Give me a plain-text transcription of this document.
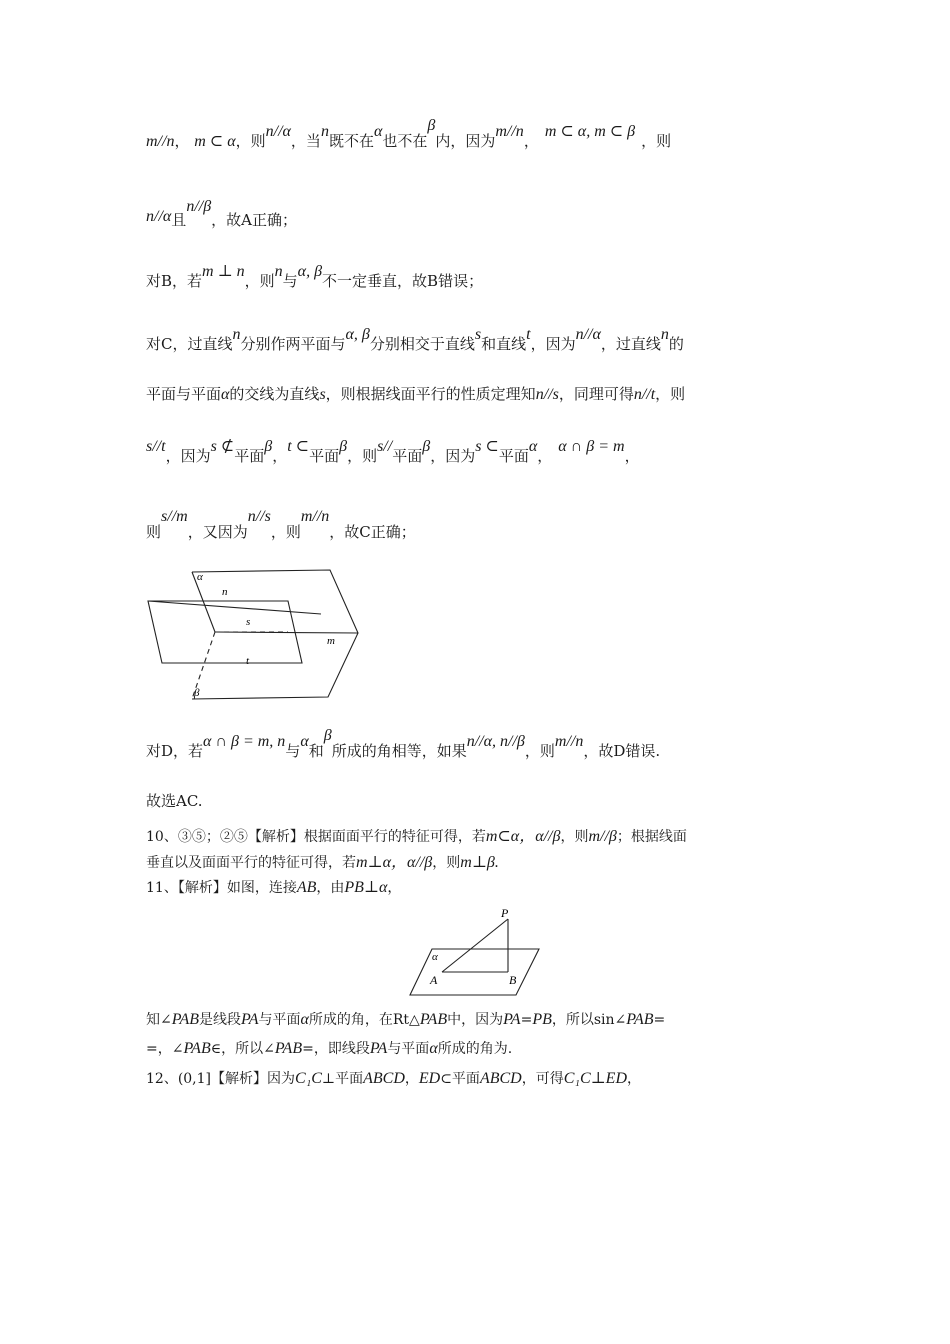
m//n， m ⊂ α，则n//α，当n既不在α也不在β内，因为m//n，m ⊂ α, m ⊂ β，则
n//α且n//β，故A正确；
对B，若m ⊥ n，则n与α, β不一定垂直，故B错误；
对C，过直线n分别作两平面与α, β分别相交于直线s和直线t，因为n//α，过直线n的
平面与平面α的交线为直线s，则根据线面平行的性质定理知n//s，同理可得n//t，则
s//t，因为s ⊄平面β，t ⊂平面β，则s//平面β，因为s ⊂平面α，α ∩ β = m，
则s//m，又因为n//s，则m//n，故C正确；
α
n
s
m
t
β
对D，若α ∩ β = m, n与α和β所成的角相等，如果n//α, n//β，则m//n，故D错误.
故选AC.
10、③⑤；②⑤【解析】根据面面平行的特征可得，若m⊂α，α//β，则m//β；根据线面
垂直以及面面平行的特征可得，若m⊥α，α//β，则m⊥β.
11、【解析】如图，连接AB，由PB⊥α，
P
α
A	B
知∠PAB是线段PA与平面α所成的角，在Rt△PAB中，因为PA=PB，所以sin∠PAB=
=，∠PAB∈，所以∠PAB=，即线段PA与平面α所成的角为.
12、(0,1]【解析】因为C₁C⊥平面ABCD，ED⊂平面ABCD，可得C₁C⊥ED，
